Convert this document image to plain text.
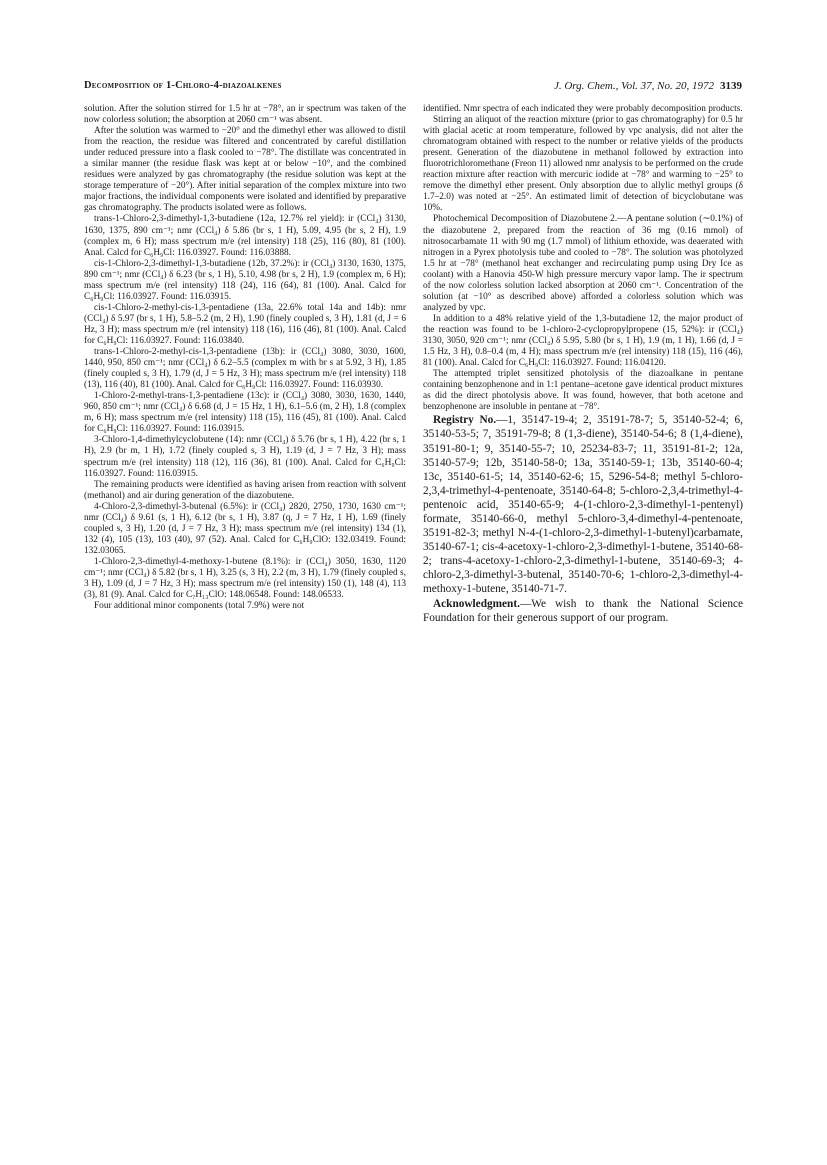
Decomposition of 1-Chloro-4-diazoalkenes	J. Org. Chem., Vol. 37, No. 20, 1972 3139

solution. After the solution stirred for 1.5 hr at −78°, an ir spectrum was taken of the now colorless solution; the absorption at 2060 cm⁻¹ was absent.

After the solution was warmed to −20° and the dimethyl ether was allowed to distil from the reaction, the residue was filtered and concentrated by careful distillation under reduced pressure into a flask cooled to −78°. The distillate was concentrated in a similar manner (the residue flask was kept at or below −10°, and the combined residues were analyzed by gas chromatography (the residue solution was kept at the storage temperature of −20°). After initial separation of the complex mixture into two major fractions, the individual components were isolated and identified by preparative gas chromatography. The products isolated were as follows.

trans-1-Chloro-2,3-dimethyl-1,3-butadiene (12a, 12.7% rel yield): ir (CCl₄) 3130, 1630, 1375, 890 cm⁻¹; nmr (CCl₄) δ 5.86 (br s, 1 H), 5.09, 4.95 (br s, 2 H), 1.9 (complex m, 6 H); mass spectrum m/e (rel intensity) 118 (25), 116 (80), 81 (100). Anal. Calcd for C₆H₉Cl: 116.03927. Found: 116.03888.

cis-1-Chloro-2,3-dimethyl-1,3-butadiene (12b, 37.2%): ir (CCl₄) 3130, 1630, 1375, 890 cm⁻¹; nmr (CCl₄) δ 6.23 (br s, 1 H), 5.10, 4.98 (br s, 2 H), 1.9 (complex m, 6 H); mass spectrum m/e (rel intensity) 118 (24), 116 (64), 81 (100). Anal. Calcd for C₆H₉Cl: 116.03927. Found: 116.03915.

cis-1-Chloro-2-methyl-cis-1,3-pentadiene (13a, 22.6% total 14a and 14b): nmr (CCl₄) δ 5.97 (br s, 1 H), 5.8–5.2 (m, 2 H), 1.90 (finely coupled s, 3 H), 1.81 (d, J = 6 Hz, 3 H); mass spectrum m/e (rel intensity) 118 (16), 116 (46), 81 (100). Anal. Calcd for C₆H₉Cl: 116.03927. Found: 116.03840.

trans-1-Chloro-2-methyl-cis-1,3-pentadiene (13b): ir (CCl₄) 3080, 3030, 1600, 1440, 950, 850 cm⁻¹; nmr (CCl₄) δ 6.2–5.5 (complex m with br s at 5.92, 3 H), 1.85 (finely coupled s, 3 H), 1.79 (d, J = 5 Hz, 3 H); mass spectrum m/e (rel intensity) 118 (13), 116 (40), 81 (100). Anal. Calcd for C₆H₉Cl: 116.03927. Found: 116.03930.

1-Chloro-2-methyl-trans-1,3-pentadiene (13c): ir (CCl₄) 3080, 3030, 1630, 1440, 960, 850 cm⁻¹; nmr (CCl₄) δ 6.68 (d, J = 15 Hz, 1 H), 6.1–5.6 (m, 2 H), 1.8 (complex m, 6 H); mass spectrum m/e (rel intensity) 118 (15), 116 (45), 81 (100). Anal. Calcd for C₆H₉Cl: 116.03927. Found: 116.03915.

3-Chloro-1,4-dimethylcyclobutene (14): nmr (CCl₄) δ 5.76 (br s, 1 H), 4.22 (br s, 1 H), 2.9 (br m, 1 H), 1.72 (finely coupled s, 3 H), 1.19 (d, J = 7 Hz, 3 H); mass spectrum m/e (rel intensity) 118 (12), 116 (36), 81 (100). Anal. Calcd for C₆H₉Cl: 116.03927. Found: 116.03915.

The remaining products were identified as having arisen from reaction with solvent (methanol) and air during generation of the diazobutene.

4-Chloro-2,3-dimethyl-3-butenal (6.5%): ir (CCl₄) 2820, 2750, 1730, 1630 cm⁻¹; nmr (CCl₄) δ 9.61 (s, 1 H), 6.12 (br s, 1 H), 3.87 (q, J = 7 Hz, 1 H), 1.69 (finely coupled s, 3 H), 1.20 (d, J = 7 Hz, 3 H); mass spectrum m/e (rel intensity) 134 (1), 132 (4), 105 (13), 103 (40), 97 (52). Anal. Calcd for C₆H₉ClO: 132.03419. Found: 132.03065.

1-Chloro-2,3-dimethyl-4-methoxy-1-butene (8.1%): ir (CCl₄) 3050, 1630, 1120 cm⁻¹; nmr (CCl₄) δ 5.82 (br s, 1 H), 3.25 (s, 3 H), 2.2 (m, 3 H), 1.79 (finely coupled s, 3 H), 1.09 (d, J = 7 Hz, 3 H); mass spectrum m/e (rel intensity) 150 (1), 148 (4), 113 (3), 81 (9). Anal. Calcd for C₇H₁₃ClO: 148.06548. Found: 148.06533.

Four additional minor components (total 7.9%) were not

identified. Nmr spectra of each indicated they were probably decomposition products.

Stirring an aliquot of the reaction mixture (prior to gas chromatography) for 0.5 hr with glacial acetic at room temperature, followed by vpc analysis, did not alter the chromatogram obtained with respect to the number or relative yields of the products present. Generation of the diazobutene in methanol followed by extraction into fluorotrichloromethane (Freon 11) allowed nmr analysis to be performed on the crude reaction mixture after reaction with mercuric iodide at −78° and warming to −25° to remove the dimethyl ether present. Only absorption due to allylic methyl groups (δ 1.7–2.0) was noted at −25°. An estimated limit of detection of bicyclobutane was 10%.

Photochemical Decomposition of Diazobutene 2.—A pentane solution (∼0.1%) of the diazobutene 2, prepared from the reaction of 36 mg (0.16 mmol) of nitrosocarbamate 11 with 90 mg (1.7 mmol) of lithium ethoxide, was deaerated with nitrogen in a Pyrex photolysis tube and cooled to −78°. The solution was photolyzed 1.5 hr at −78° (methanol heat exchanger and recirculating pump using Dry Ice as coolant) with a Hanovia 450-W high pressure mercury vapor lamp. The ir spectrum of the now colorless solution lacked absorption at 2060 cm⁻¹. Concentration of the solution (at −10° as described above) afforded a colorless solution which was analyzed by vpc.

In addition to a 48% relative yield of the 1,3-butadiene 12, the major product of the reaction was found to be 1-chloro-2-cyclopropylpropene (15, 52%): ir (CCl₄) 3130, 3050, 920 cm⁻¹; nmr (CCl₄) δ 5.95, 5.80 (br s, 1 H), 1.9 (m, 1 H), 1.66 (d, J = 1.5 Hz, 3 H), 0.8–0.4 (m, 4 H); mass spectrum m/e (rel intensity) 118 (15), 116 (46), 81 (100). Anal. Calcd for C₆H₉Cl: 116.03927. Found: 116.04120.

The attempted triplet sensitized photolysis of the diazoalkane in pentane containing benzophenone and in 1:1 pentane–acetone gave identical product mixtures as did the direct photolysis above. It was found, however, that both acetone and benzophenone are insoluble in pentane at −78°.

Registry No.—1, 35147-19-4; 2, 35191-78-7; 5, 35140-52-4; 6, 35140-53-5; 7, 35191-79-8; 8 (1,3-diene), 35140-54-6; 8 (1,4-diene), 35191-80-1; 9, 35140-55-7; 10, 25234-83-7; 11, 35191-81-2; 12a, 35140-57-9; 12b, 35140-58-0; 13a, 35140-59-1; 13b, 35140-60-4; 13c, 35140-61-5; 14, 35140-62-6; 15, 5296-54-8; methyl 5-chloro-2,3,4-trimethyl-4-pentenoate, 35140-64-8; 5-chloro-2,3,4-trimethyl-4-pentenoic acid, 35140-65-9; 4-(1-chloro-2,3-dimethyl-1-pentenyl) formate, 35140-66-0, methyl 5-chloro-3,4-dimethyl-4-pentenoate, 35191-82-3; methyl N-4-(1-chloro-2,3-dimethyl-1-butenyl)carbamate, 35140-67-1; cis-4-acetoxy-1-chloro-2,3-dimethyl-1-butene, 35140-68-2; trans-4-acetoxy-1-chloro-2,3-dimethyl-1-butene, 35140-69-3; 4-chloro-2,3-dimethyl-3-butenal, 35140-70-6; 1-chloro-2,3-dimethyl-4-methoxy-1-butene, 35140-71-7.

Acknowledgment.—We wish to thank the National Science Foundation for their generous support of our program.
